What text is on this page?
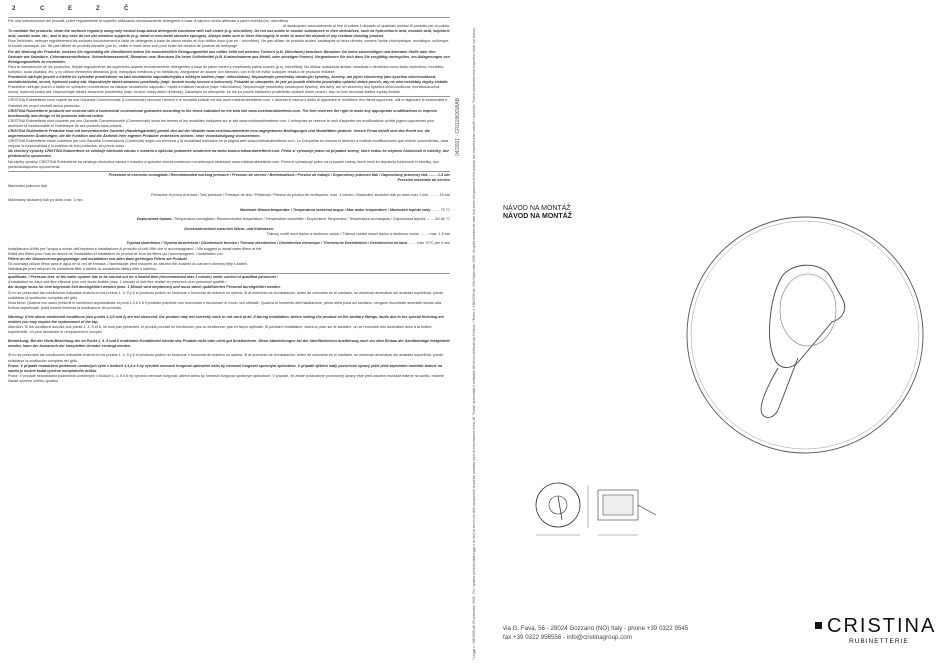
2	C	E	Z	Č

Per una manutenzione dei prodotti, pulire regolarmente le superfici utilizzando esclusivamente detergente a base di sapone neutro abbinato a panni morbidi (es. microfibra).

di risciacquare accuratamente al fine di evitare il deposito di qualsiasi residuo di prodotto per la pulizia.

To maintain the products, clean the surfaces regularly using only neutral soap-based detergents combined with soft cloths (e.g. microfibre). Do not use acidic or caustic substances or their derivatives, such as hydrochloric acid, muriatic acid, sulphuric acid, caustic soda, etc., and in any case do not use abrasive supports (e.g. metal or non-metal abrasive sponges). Always make sure to rinse thoroughly in order to avoid the deposit of any residual cleaning product.

Pour l'entretien, nettoyer régulièrement les surfaces exclusivement à l'aide de détergents à base de savon neutre et d'un chiffon doux (par ex. : microfibre). Ne pas utiliser de produits acides, caustiques ou leurs dérivés, comme l'acide chlorhydrique, muriatique, sulfurique, la soude caustique, etc. Ne pas utiliser de produits abrasifs (par ex. veiller à rincer avec soin pour éviter les résidus de produits de nettoyage.

Für die Wartung der Produkte, müssen Sie regelmäßig die Oberflächen indem Sie ausschließlich Reinigungsmittel aus milder Seife mit weichen Tüchern (z.B. Mikrofaser) benutzen. Benutzen Sie keine säurehaltigen und ätzenden Stoffe oder ihre Derivate wie Salzsäure, Chlorwasserstoffsäure, Schwefelwasserstoff, Ätznatron usw. Benutzen Sie keine Schleifmittel (z.B. Kratzschwamm aus Metall- oder sonstigen Fasern). Vergewissern Sie sich dass Sie sorgfältig nachspülen, um Ablagerungen von Reinigungsmitteln zu vermeiden.

Para la manutención de los productos, limpiar regularmente las superficies usando exclusivamente detergentes a base de jabón neutro y empleando paños suaves (p.ej. microfibra). No utilizar sustancias ácidas, cáusticas o derivados como ácido clorhídrico, muriático, sulfúrico, soda cáustica, etc. y no utilizar elementos abrasivos (p.ej. estropajos metálicos y no metálicos). Asegurarse de aclarar con atención, con el fin de evitar cualquier residuo de producto restante.

Pravidelné udržujte povrch a čištěte ho vyhradně prostředkem na bázi neutrálního saponátu/mýdla a měkkým hadrem (např. mikrovlákno). Nepoužívejte prostředky obsahující kyseliny, žíraviny, ani jejich sloučeniny jako kyselina chlorovodíková, muriatická/solná, sírová, hydroxid sodný atd. Nepoužívejte taktéž abrazivní prostředky (např. brusné houby kovové a nekovové). Pokaždé se ubezpečte, že jste po použití čisticího prostředku opláchli dobře povrch, aby na něm nezůstaly zbytky čistidla.

Pravidelne udržujte povrch a čistite ho výhradne prostriedkom na základe neutrálneho saponátu / mydla a mäkkou handrou (napr. mikrovlákno). Nepoužívajte prostriedky obsahujúce kyseliny, žieraviny, ani ich zlúčeniny ako kyselina chlorovodíková, muriatická/soľná, sírová, hydroxid sodný atď. Nepoužívajte taktiež abrazívne prostriedky (napr. brúsne hubky alebo drôtenky). Zakaždým sa ubezpečte, že ste po použití čistiaceho prostriedku opláchli dobre povrch, aby na ňom nezostali žiadne zvyšky čistidla.

CRISTINA Rubinetterie sono coperti da una Garanzia Convenzionale (Commerciale) secondo i termini e le modalità indicati nel sito www.cristinarubinetterie.com. L'azienda si riserva il diritto di apportare le modifiche che riterrà opportune, utili a migliorare la funzionalità e l'estetica dei propri prodotti senza preavviso.

CRISTINA Rubinetterie products are covered with a commercial conventional guarantee according to the terms indicated on the web site www.cristinarubinetterie.com. The firm reserves the right to make any appropriate modifications to improve functionality and design of its products without notice.

CRISTINA Rubinetterie sont couverts par une Garantie Conventionnelle (Commerciale) selon les termes et les modalités indiquées sur le site www.cristinarubinetterie.com. L'entreprise se réserve le droit d'apporter les modifications qu'elle jugera opportunes pour améliorer la fonctionnalité et l'esthétique de ses produits sans préavis.

CRISTINA Rubinetterie Produkte sind mit konventioneller Garantie (Handelsgarantie) gemäß den auf der Website www.cristinarubinetterie.com angegebenen Bedingungen und Modalitäten gedeckt. Unsere Firma behält sich das Recht vor, die angemessenen Änderungen, die die Funktion und die Ästhetik ihrer eigenen Produkte verbessern können, ohne Vorankündigung vorzunehmen.

CRISTINA Rubinetterie están cubiertos por una Garantía Convencional (Comercial) según los términos y la modalidad indicados en la página web www.cristinarubinetterie.com. La Compañía se reserva el derecho a realizar modificaciones que estime convenientes, para mejorar la funcionalidad y la estética de sus productos, sin previo aviso.

Na všechny výrobky CRISTINA Rubinetterie se vztahuje obchodní záruka v rozsahu a způsobu podmínek uvedeném na webu www.cristinarubinetterie.com. Firma si vyhrazuje právo na případné změny, které vedou ke zlepšení funkčnosti či estetiky, bez předchozího upozornění.

Na všetky výrobky CRISTINA Rubinetterie sa vzťahuje obchodná záruka v rozsahu a spôsobe znenia uvedenom na webových stránkach www.cristinarubinetterie.com. Firma si vyhradzuje právo na prípadné zmeny, ktoré vedú ku zlepšeniu funkčnosti či estetiky, bez predchádzajúceho upozornenia.

Pressione di esercizio consigliata / Recommended working pressure / Pression de service / Betriebsdruck / Presión de trabajo / Doporučený pracovní tlak / Odporúčaný pracovný tlak ........ 1-5 bar
Pression maximale de service
Maximální pracovní tlak
Pressione di prova di tenuta / Test pressure / Pression de test / Prüfdruck / Presión de prueba de verificación, max. 1 minuto / Maximální zkušební tlak po dobu max 1 min. ........ 16 bar
Maximálny skúšobný tlak po dobu max. 1 min.
Maximale Wassertemperatur / Temperatura massima acqua / Max water temperature / Maximální teplota vody ........ 70 °C
Doporučená teplota / Temperatura consigliata / Recommended temperature / Température conseillée / Empfohlene Temperatur / Temperatura aconsejada / Odporúčaná teplota ........ 50-60 °C
Druckunterschied zwischen Warm- und Kaltwasser
Tlakový rozdíl mezi teplou a studenou vodou / Tlakový rozdiel medzi teplou a studenou vodou ........ max. 1,5 bar
Tepelná dezinfekce / Tepelná dezinfekcia / Disinfezione termica / Thermal disinfection / Désinfection thermique / Thermische Desinfektion / Desinfección térmica ........ max 70°C per 4 min
Installazione di filtri per l'acqua a monte dell'impianto e installazione di prodotto di tutti i filtri che lo accompagnano. / We suggest to install water filters at the
Etabli des filtres pour l'eau en amont de l'installation et installation du produit de tous les filtres qui l'accompagnent. / Installation von
Filtern an der Wasserversorgungsanlage und Installation von allen dazu gehörigen Filtern am Produkt.
Se aconseja utilizar filtros para el agua en la red de entrada. / Nainstalujte před vstupem do zařízení filtr a taktéž do zařízení všechny filtry s baterií.
Nainštalujte pred vstupom do zariadenia filter a taktiež do zariadenia všetky filtre s batériou.

qualificato. / Pressure test: of the water system has to be carried out for a limited time (recommended max 1 minute) under control of qualified personnel /

d'installation en eaux doit être effectué pour une durée limitée (max. 1 minute) et doit être réalisé en présence d'un personnel qualifié /

der Anlage muss für eine begrenzte Zeit durchgeführt werden (max. 1 Minute wird empfohlen) und muss durch qualifiziertes Personal durchgeführt werden.

Si no se presentan las condiciones indicadas encima en los puntos 1, 4, 5 y 6 el producto podría no funcionar o funcionar de manera no óptima. Si al momento de la instalación, antes de colocarse en el sanitario, se observan anomalías del acabado superficial, puede solicitarse la sustitución completa del grifo.

Nota bene: Qualora non siano presenti le condizioni sopraindicate ai punti 1,4,5 e 6 il prodotto potrebbe non funzionare o funzionare in modo non ottimale. Qualora al momento dell'installazione, prima della posa sul sanitario, vengano riscontrate anomalie dovute alla finitura superficiale, potrà essere richiesta la sostituzione del prodotto.

Warning: If the above mentioned conditions (see points 1,4,5 and 6) are not observed, the product may not correctly work or not work at all. If during installation, before setting the product on the sanitary fittings, faults due to the special finishing are evident you may require the replacement of the tap.

Attention: Si les conditions susvisé aux points 1, 4, 5 et 6, ne sont pas présentes, le produit pourrait ne fonctionner pas ou fonctionner pas en façon optimale. Si pendant l'installation, avant la pose sur le sanitaire, on se rencontre des anomalies dues à la finition superficielle, on peut demander le remplacement complet.

Bemerkung: Bei der Nicht-Beachtung der im Punkt 1, 4, 5 und 6 erwähnten Konditionen könnte das Produkt nicht oder nicht gut funktionieren. Wenn Abweichungen bei der überflächlichen Ausführung noch vor dem Einbau der Sanitäranlage festgestellt werden, kann der Austausch der kompletten Armatur verlangt werden.

Si no se presentan las condiciones indicadas encima en los puntos 1, 4, 5 y 6 el producto podría no funcionar o funcionar de manera no óptima. Si al momento de la instalación, antes de colocarse en el sanitario, se observan anomalías del acabado superficial, puede solicitarse la sustitución completa del grifo.

Pozor: V případě nedodržení podmínek uvedených výše v bodech 1,4,5 a 6 by výrobek nemusel fungovat optimálně nebo by nemusel fungovat správným způsobem. V případě zjištění vady povrchové úpravy ještě před započetím montáže baterie na sanitu je možné žádat výměnu kompletního artiklu.

Pozor: V prípade nedodržania podmienok uvedených v bodoch 1, 4, 5 a 6 by výrobok nemusel fungovať ošetne alebo by nemusel fungovať správnym spôsobom. V prípade, že zistíte poškodenie povrchovej úpravy ešte pred začatím montáže batérie na sanitu, môžete žiadať výmenu celého výrobku.

04/2021 · CRI1186X9AAB	* Legge n. 166/2009 del 25 settembre 2009 - Per i quanto previsto dalla legge e ai rinvii ai sensi che detti componenti di questo prodotto sono di importazione extra UE. Testati, assemblati e collaudati all'interno dell'azienda Cristina. / *Rules n. 166/2009 dd. 25th September 2009 - As quite seeded we state that some components of this product are imported from extra EU countries. Tested, assembled and inspected inside our factory.	NÁVOD NA MONTÁŽ
NÁVOD NA MONTÁŽ
via G. Fava, 56 - 28024 Gozzano (NO) Italy - phone +39 0322 9545
fax +39 0322 956556 - info@cristinagroup.com
CRISTINA
RUBINETTERIE
